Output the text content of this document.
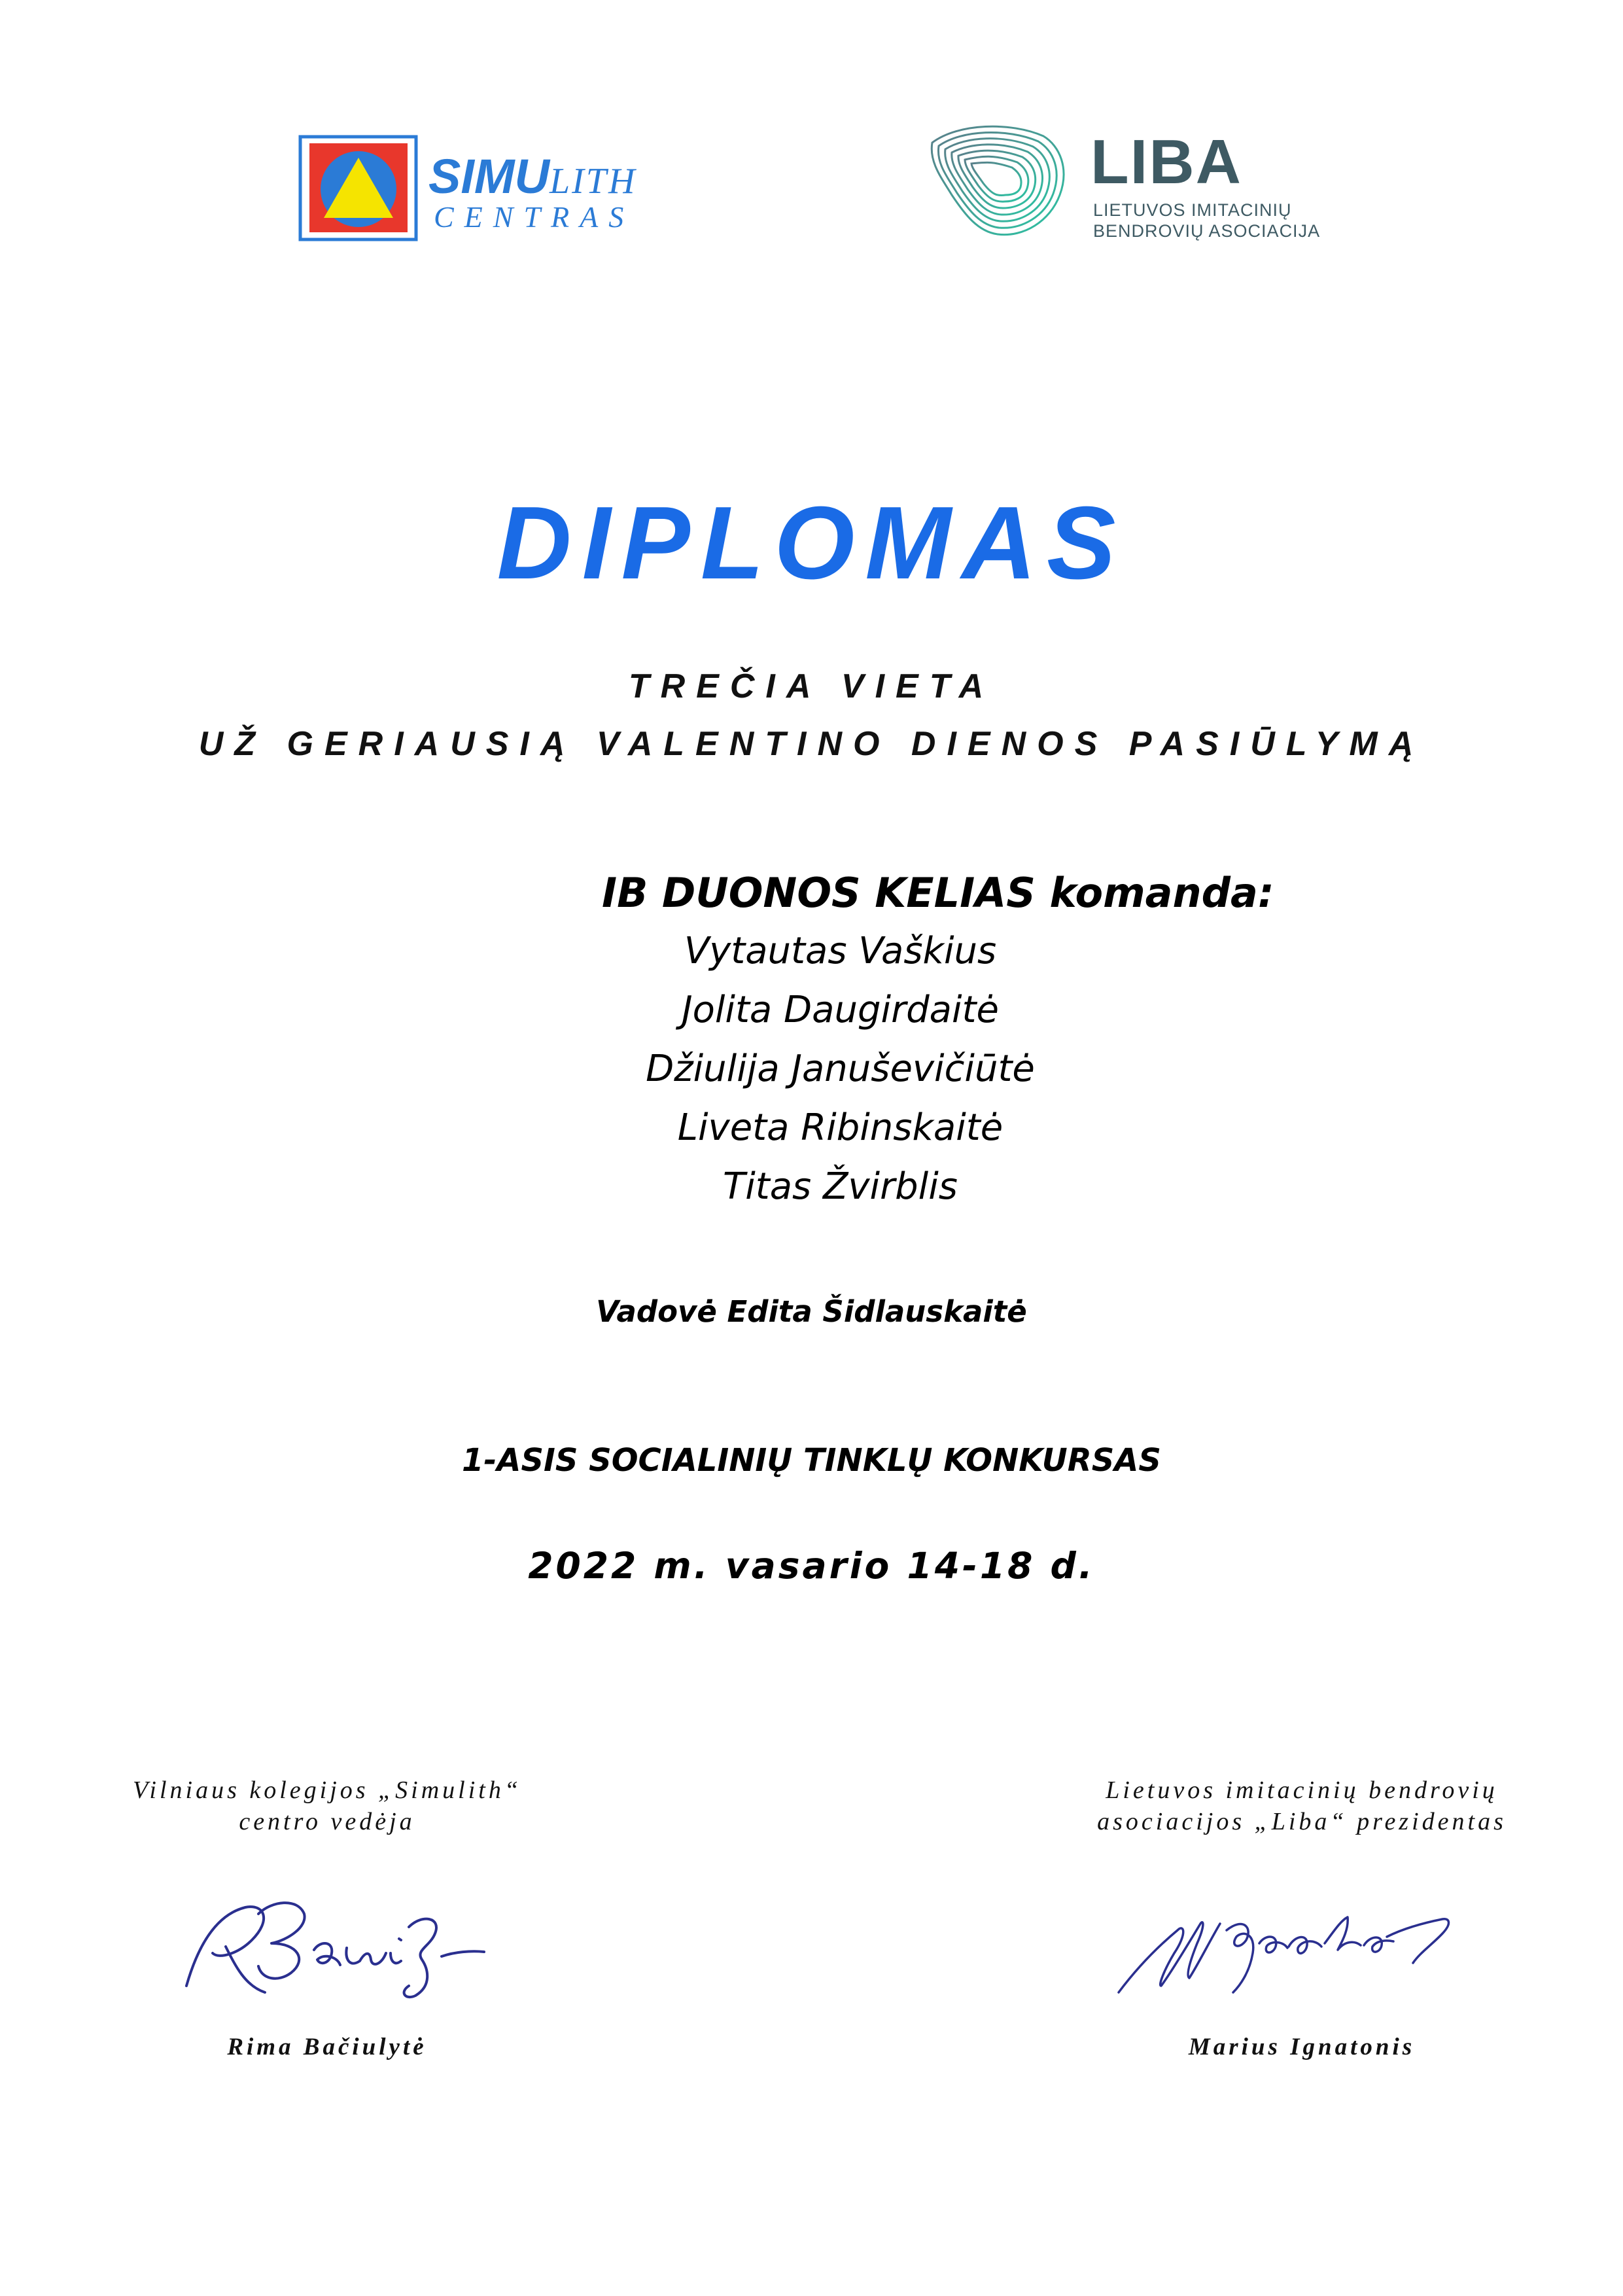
SIMULITH
CENTRAS
LIBA
LIETUVOS IMITACINIŲ
BENDROVIŲ ASOCIACIJA
DIPLOMAS
TREČIA VIETA
UŽ GERIAUSIĄ VALENTINO DIENOS PASIŪLYMĄ
IB DUONOS KELIAS komanda:
Vytautas Vaškius
Jolita Daugirdaitė
Džiulija Januševičiūtė
Liveta Ribinskaitė
Titas Žvirblis
Vadovė Edita Šidlauskaitė
1-ASIS SOCIALINIŲ TINKLŲ KONKURSAS
2022 m. vasario 14-18 d.
Vilniaus kolegijos „Simulith“
centro vedėja
Lietuvos imitacinių bendrovių
asociacijos „Liba“ prezidentas
Rima Bačiulytė	Marius Ignatonis
